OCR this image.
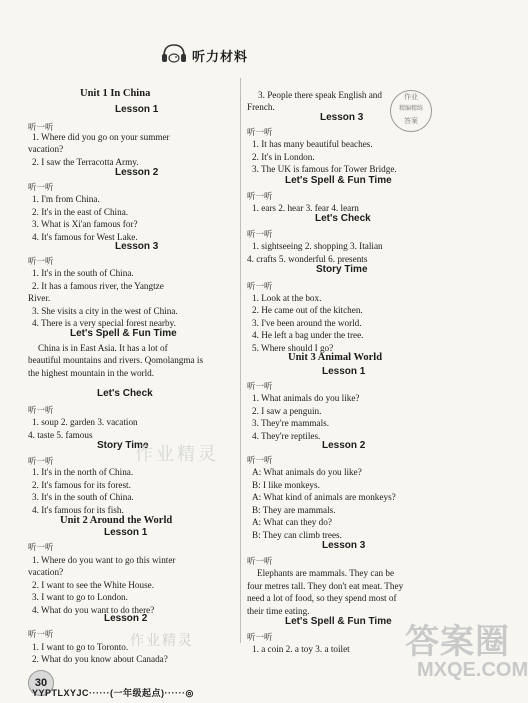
听力材料
Unit 1 In China
Lesson 1
听一听
1. Where did you go on your summer
vacation?
2. I saw the Terracotta Army.
Lesson 2
听一听
1. I'm from China.
2. It's in the east of China.
3. What is Xi'an famous for?
4. It's famous for West Lake.
Lesson 3
听一听
1. It's in the south of China.
2. It has a famous river, the Yangtze
River.
3. She visits a city in the west of China.
4. There is a very special forest nearby.
Let's Spell & Fun Time
China is in East Asia. It has a lot of
beautiful mountains and rivers. Qomolangma is
the highest mountain in the world.
Let's Check
听一听
1. soup 2. garden 3. vacation
4. taste 5. famous
Story Time
听一听
1. It's in the north of China.
2. It's famous for its forest.
3. It's in the south of China.
4. It's famous for its fish.
Unit 2 Around the World
Lesson 1
听一听
1. Where do you want to go this winter
vacation?
2. I want to see the White House.
3. I want to go to London.
4. What do you want to do there?
Lesson 2
听一听
1. I want to go to Toronto.
2. What do you know about Canada?
3. People there speak English and
French.
Lesson 3
听一听
1. It has many beautiful beaches.
2. It's in London.
3. The UK is famous for Tower Bridge.
Let's Spell & Fun Time
听一听
1. ears 2. hear 3. fear 4. learn
Let's Check
听一听
1. sightseeing 2. shopping 3. Italian
4. crafts 5. wonderful 6. presents
Story Time
听一听
1. Look at the box.
2. He came out of the kitchen.
3. I've been around the world.
4. He left a bag under the tree.
5. Where should I go?
Unit 3 Animal World
Lesson 1
听一听
1. What animals do you like?
2. I saw a penguin.
3. They're mammals.
4. They're reptiles.
Lesson 2
听一听
A: What animals do you like?
B: I like monkeys.
A: What kind of animals are monkeys?
B: They are mammals.
A: What can they do?
B: They can climb trees.
Lesson 3
听一听
Elephants are mammals. They can be
four metres tall. They don't eat meat. They
need a lot of food, so they spend most of
their time eating.
Let's Spell & Fun Time
听一听
1. a coin 2. a toy 3. a toilet
作业
精编精练
答案
作业精灵
作业精灵	答案圈
MXQE.COM
30
YYPTLXYJC······(一年级起点)······◎
